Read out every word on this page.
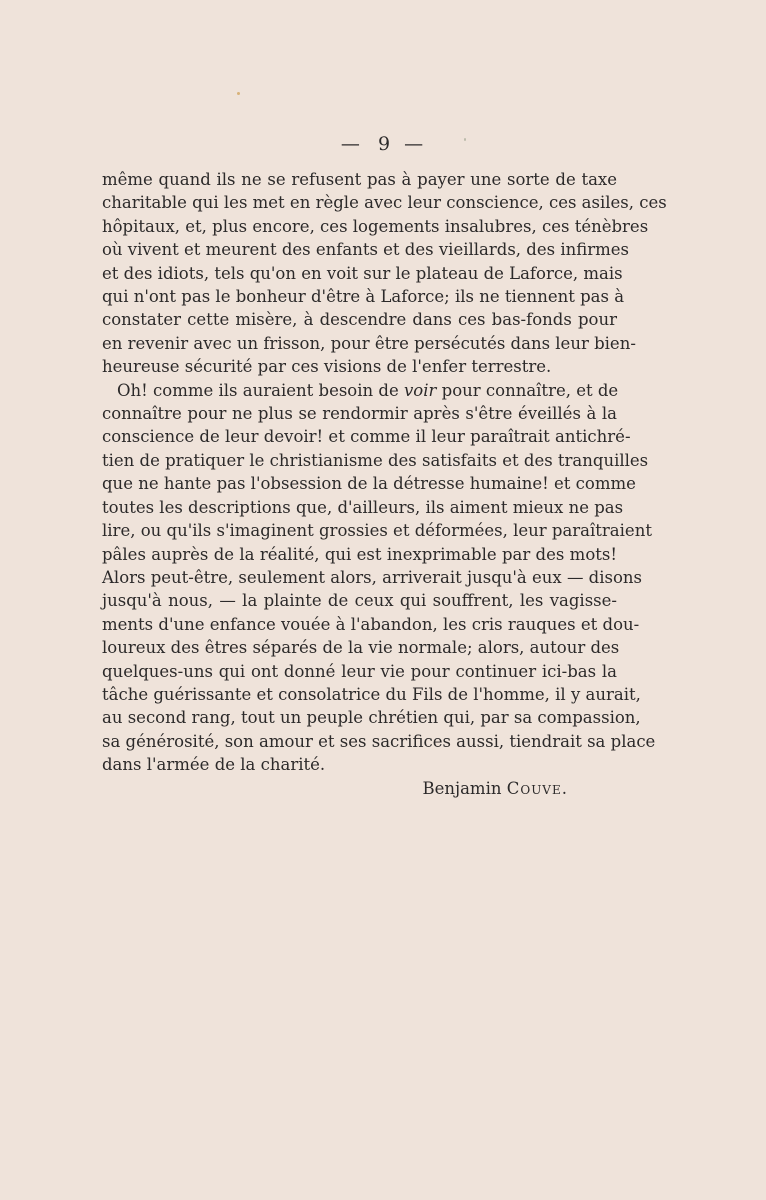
— 9 —
même quand ils ne se refusent pas à payer une sorte de taxe
charitable qui les met en règle avec leur conscience, ces asiles, ces
hôpitaux, et, plus encore, ces logements insalubres, ces ténèbres
où vivent et meurent des enfants et des vieillards, des infirmes
et des idiots, tels qu'on en voit sur le plateau de Laforce, mais
qui n'ont pas le bonheur d'être à Laforce; ils ne tiennent pas à
constater cette misère, à descendre dans ces bas-fonds pour
en revenir avec un frisson, pour être persécutés dans leur bien-
heureuse sécurité par ces visions de l'enfer terrestre.
Oh! comme ils auraient besoin de voir pour connaître, et de
connaître pour ne plus se rendormir après s'être éveillés à la
conscience de leur devoir! et comme il leur paraîtrait antichré-
tien de pratiquer le christianisme des satisfaits et des tranquilles
que ne hante pas l'obsession de la détresse humaine! et comme
toutes les descriptions que, d'ailleurs, ils aiment mieux ne pas
lire, ou qu'ils s'imaginent grossies et déformées, leur paraîtraient
pâles auprès de la réalité, qui est inexprimable par des mots!
Alors peut-être, seulement alors, arriverait jusqu'à eux — disons
jusqu'à nous, — la plainte de ceux qui souffrent, les vagisse-
ments d'une enfance vouée à l'abandon, les cris rauques et dou-
loureux des êtres séparés de la vie normale; alors, autour des
quelques-uns qui ont donné leur vie pour continuer ici-bas la
tâche guérissante et consolatrice du Fils de l'homme, il y aurait,
au second rang, tout un peuple chrétien qui, par sa compassion,
sa générosité, son amour et ses sacrifices aussi, tiendrait sa place
dans l'armée de la charité.
Benjamin Couve.
